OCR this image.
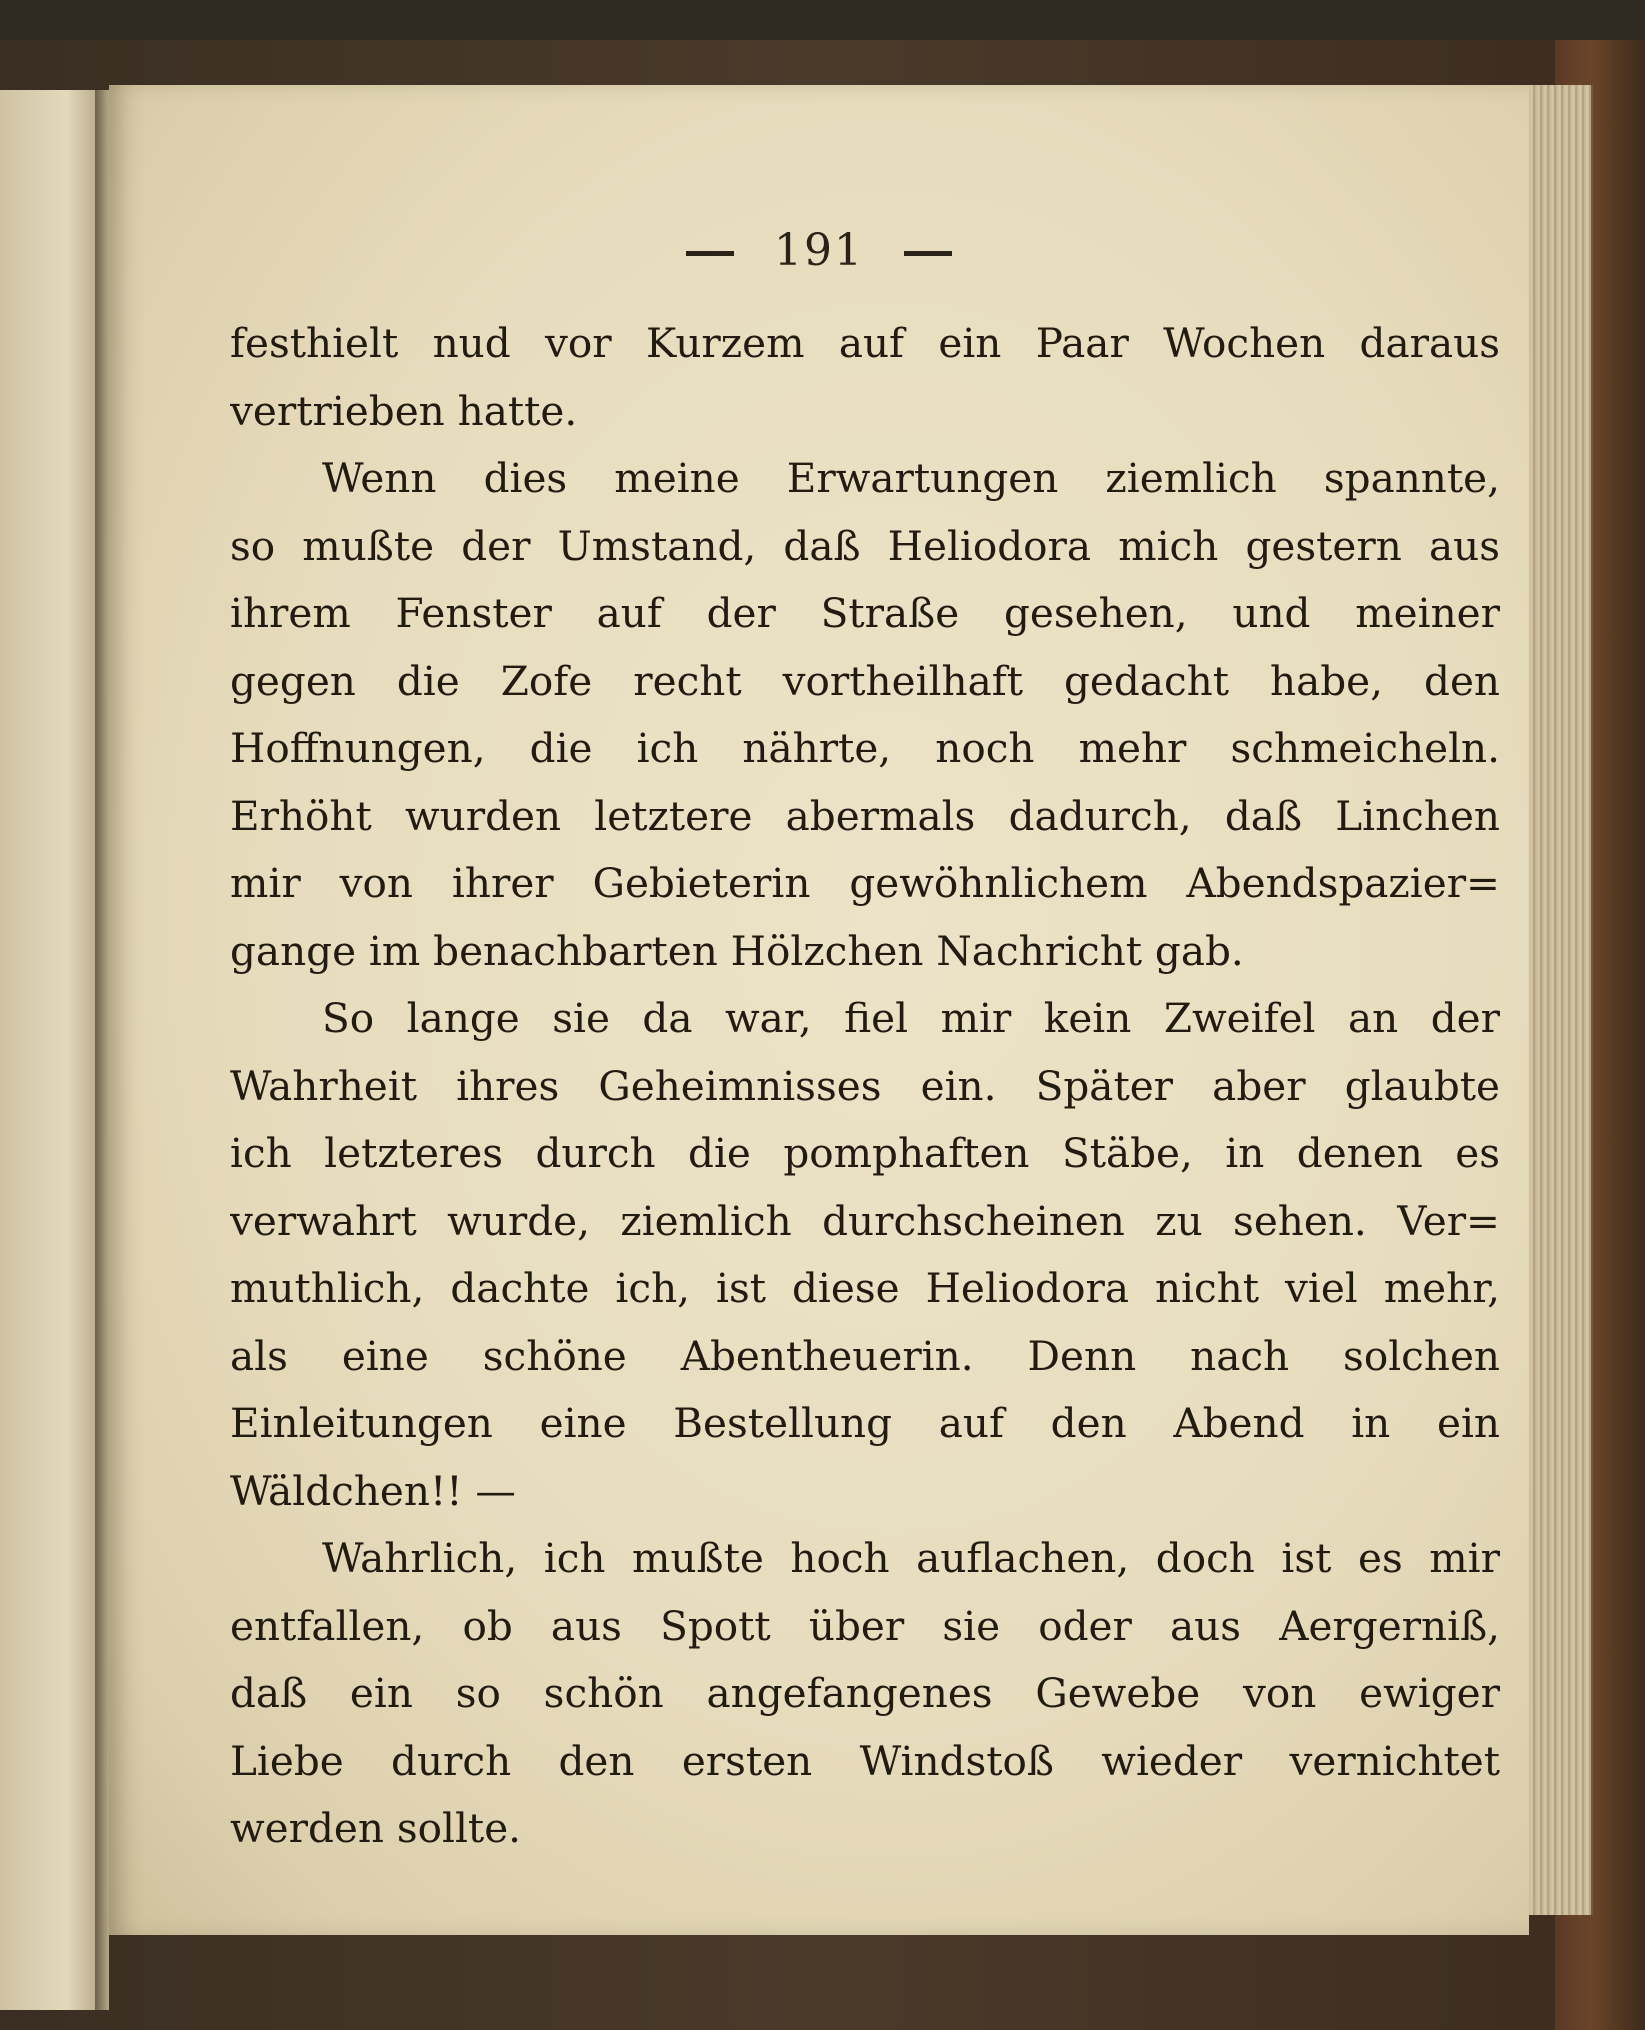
191
festhielt nud vor Kurzem auf ein Paar Wochen daraus
vertrieben hatte.
Wenn dies meine Erwartungen ziemlich spannte,
so mußte der Umstand, daß Heliodora mich gestern aus
ihrem Fenster auf der Straße gesehen, und meiner
gegen die Zofe recht vortheilhaft gedacht habe, den
Hoffnungen, die ich nährte, noch mehr schmeicheln.
Erhöht wurden letztere abermals dadurch, daß Linchen
mir von ihrer Gebieterin gewöhnlichem Abendspazier=
gange im benachbarten Hölzchen Nachricht gab.
So lange sie da war, fiel mir kein Zweifel an der
Wahrheit ihres Geheimnisses ein. Später aber glaubte
ich letzteres durch die pomphaften Stäbe, in denen es
verwahrt wurde, ziemlich durchscheinen zu sehen. Ver=
muthlich, dachte ich, ist diese Heliodora nicht viel mehr,
als eine schöne Abentheuerin. Denn nach solchen
Einleitungen eine Bestellung auf den Abend in ein
Wäldchen!! —
Wahrlich, ich mußte hoch auflachen, doch ist es mir
entfallen, ob aus Spott über sie oder aus Aergerniß,
daß ein so schön angefangenes Gewebe von ewiger
Liebe durch den ersten Windstoß wieder vernichtet
werden sollte.
